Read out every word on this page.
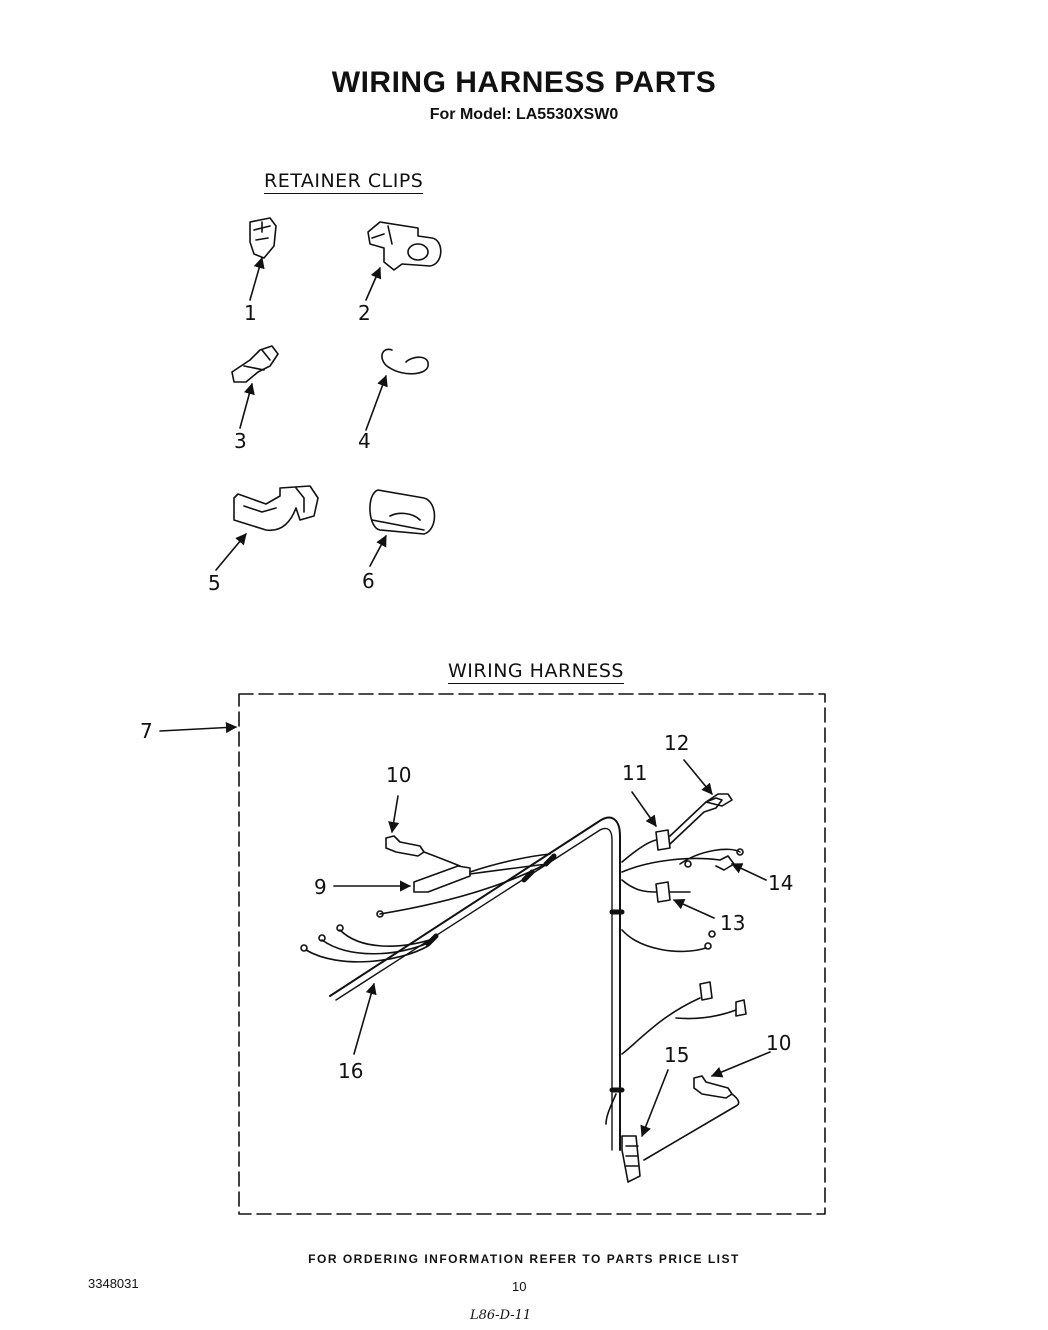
WIRING HARNESS PARTS
For Model: LA5530XSW0
RETAINER CLIPS
WIRING HARNESS
1	2
3	4
5	6
7
9
10	11
12
13
14
15	10
16
FOR ORDERING INFORMATION REFER TO PARTS PRICE LIST
3348031	10
L86-D-11
